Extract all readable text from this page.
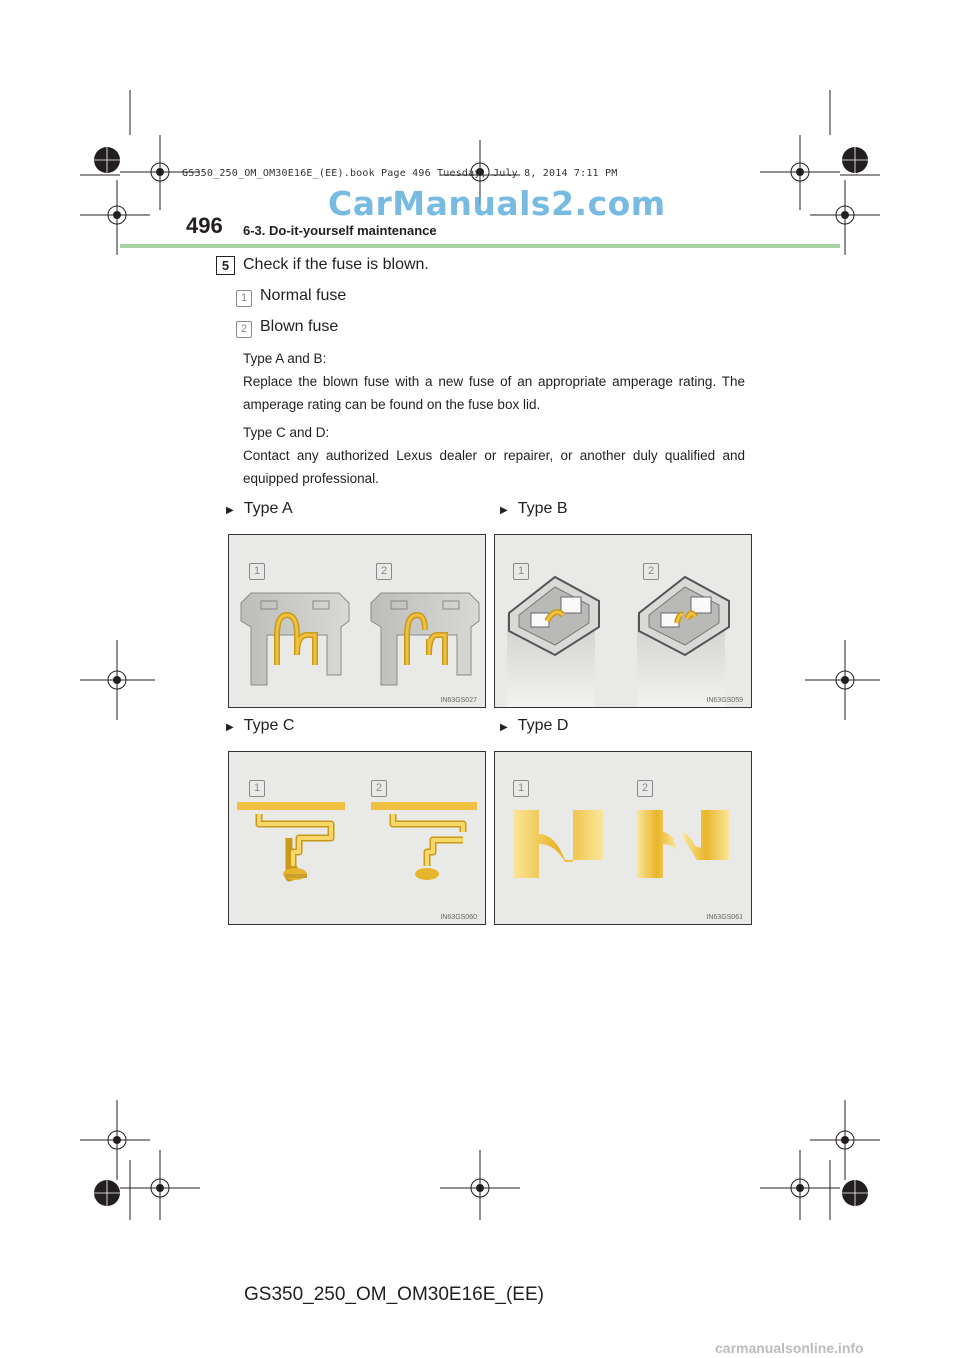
GS350_250_OM_OM30E16E_(EE).book Page 496 Tuesday, July 8, 2014 7:11 PM
CarManuals2.com
496 6-3. Do-it-yourself maintenance
5 Check if the fuse is blown.
1 Normal fuse
2 Blown fuse
Type A and B:
Replace the blown fuse with a new fuse of an appropriate amperage rating. The amperage rating can be found on the fuse box lid.
Type C and D:
Contact any authorized Lexus dealer or repairer, or another duly qualified and equipped professional.
▶ Type A	▶ Type B
▶ Type C	▶ Type D
1	2
IN63GS027
1	2
IN63GS059
1	2
IN63GS060
1	2
IN63GS061
GS350_250_OM_OM30E16E_(EE)
carmanualsonline.info
